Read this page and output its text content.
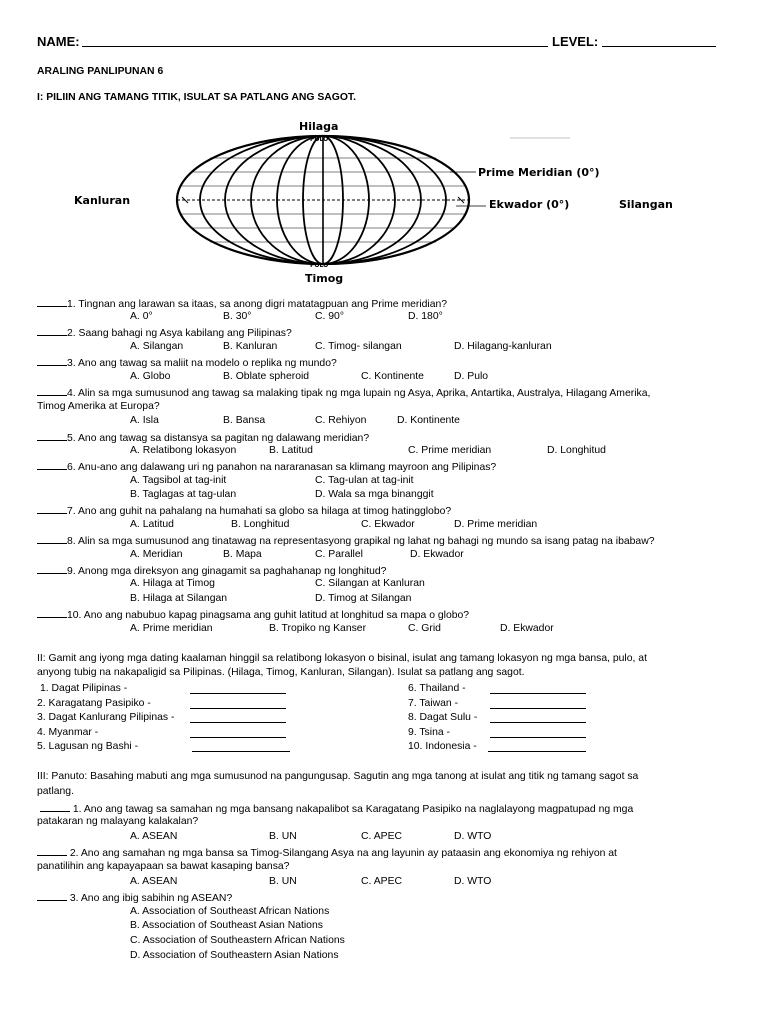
NAME:	LEVEL:
ARALING PANLIPUNAN 6
I: PILIIN ANG TAMANG TITIK, ISULAT SA PATLANG ANG SAGOT.
Hilaga
POLO
POLO
Timog
Kanluran
Prime Meridian (0°)
Ekwador (0°)	Silangan
1. Tingnan ang larawan sa itaas, sa anong digri matatagpuan ang Prime meridian?
A. 0°	B. 30°	C. 90°	D. 180°
2. Saang bahagi ng Asya kabilang ang Pilipinas?
A. Silangan	B. Kanluran	C. Timog- silangan	D. Hilagang-kanluran
3. Ano ang tawag sa maliit na modelo o replika ng mundo?
A. Globo	B. Oblate spheroid	C. Kontinente	D. Pulo
4. Alin sa mga sumusunod ang tawag sa malaking tipak ng mga lupain ng Asya, Aprika, Antartika, Australya, Hilagang Amerika,
Timog Amerika at Europa?
A. Isla	B. Bansa	C. Rehiyon	D. Kontinente
5. Ano ang tawag sa distansya sa pagitan ng dalawang meridian?
A. Relatibong lokasyon	B. Latitud	C. Prime meridian	D. Longhitud
6. Anu-ano ang dalawang uri ng panahon na nararanasan sa klimang mayroon ang Pilipinas?
A. Tagsibol at tag-init	C. Tag-ulan at tag-init
B. Taglagas at tag-ulan	D. Wala sa mga binanggit
7. Ano ang guhit na pahalang na humahati sa globo sa hilaga at timog hatingglobo?
A. Latitud	B. Longhitud	C. Ekwador	D. Prime meridian
8. Alin sa mga sumusunod ang tinatawag na representasyong grapikal ng lahat ng bahagi ng mundo sa isang patag na ibabaw?
A. Meridian	B. Mapa	C. Parallel	D. Ekwador
9. Anong mga direksyon ang ginagamit sa paghahanap ng longhitud?
A. Hilaga at Timog	C. Silangan at Kanluran
B. Hilaga at Silangan	D. Timog at Silangan
10. Ano ang nabubuo kapag pinagsama ang guhit latitud at longhitud sa mapa o globo?
A. Prime meridian	B. Tropiko ng Kanser	C. Grid	D. Ekwador
II: Gamit ang iyong mga dating kaalaman hinggil sa relatibong lokasyon o bisinal, isulat ang tamang lokasyon ng mga bansa, pulo, at
anyong tubig na nakapaligid sa Pilipinas. (Hilaga, Timog, Kanluran, Silangan). Isulat sa patlang ang sagot.
1. Dagat Pilipinas -
2. Karagatang Pasipiko -
3. Dagat Kanlurang Pilipinas -
4. Myanmar -
5. Lagusan ng Bashi -
6. Thailand -
7. Taiwan -
8. Dagat Sulu -
9. Tsina -
10. Indonesia -
III: Panuto: Basahing mabuti ang mga sumusunod na pangungusap. Sagutin ang mga tanong at isulat ang titik ng tamang sagot sa
patlang.
1. Ano ang tawag sa samahan ng mga bansang nakapalibot sa Karagatang Pasipiko na naglalayong magpatupad ng mga
patakaran ng malayang kalakalan?
A. ASEAN	B. UN	C. APEC	D. WTO
2. Ano ang samahan ng mga bansa sa Timog-Silangang Asya na ang layunin ay pataasin ang ekonomiya ng rehiyon at
panatilihin ang kapayapaan sa bawat kasaping bansa?
A. ASEAN	B. UN	C. APEC	D. WTO
3. Ano ang ibig sabihin ng ASEAN?
A. Association of Southeast African Nations
B. Association of Southeast Asian Nations
C. Association of Southeastern African Nations
D. Association of Southeastern Asian Nations
